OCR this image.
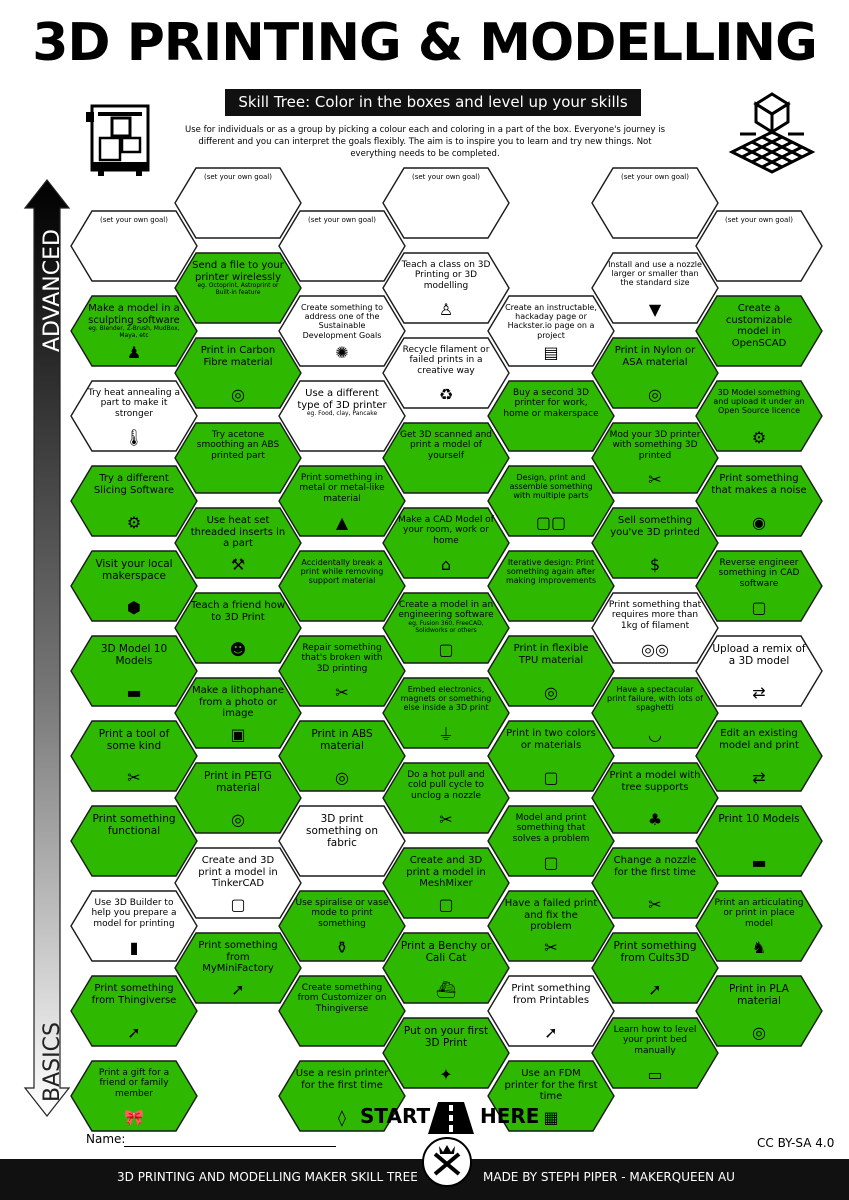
3D PRINTING & MODELLING
Skill Tree: Color in the boxes and level up your skills
Use for individuals or as a group by picking a colour each and coloring in a part of the box. Everyone's journey is different and you can interpret the goals flexibly. The aim is to inspire you to learn and try new things. Not everything needs to be completed.
ADVANCED
BASICS
(set your own goal)
Make a model in a sculpting software
eg. Blender, Z-Brush, MudBox, Maya, etc
♟
Try heat annealing a part to make it stronger
🌡
Try a different Slicing Software
⚙
Visit your local makerspace
⬢
3D Model 10 Models
▬
Print a tool of some kind
✂
Print something functional
Use 3D Builder to help you prepare a model for printing
▮
Print something from Thingiverse
➚
Print a gift for a friend or family member
🎀
(set your own goal)
Send a file to your printer wirelessly
eg. Octoprint, Astroprint or Built-in feature
Print in Carbon Fibre material
◎
Try acetone smoothing an ABS printed part
Use heat set threaded inserts in a part
⚒
Teach a friend how to 3D Print
☻
Make a lithophane from a photo or image
▣
Print in PETG material
◎
Create and 3D print a model in TinkerCAD
▢
Print something from MyMiniFactory
➚
(set your own goal)
Create something to address one of the Sustainable Development Goals
✺
Use a different type of 3D printer
eg. Food, clay, Pancake
Print something in metal or metal-like material
▲
Accidentally break a print while removing support material
Repair something that's broken with 3D printing
✂
Print in ABS material
◎
3D print something on fabric
Use spiralise or vase mode to print something
⚱
Create something from Customizer on Thingiverse
Use a resin printer for the first time
◊
(set your own goal)
Teach a class on 3D Printing or 3D modelling
♙
Recycle filament or failed prints in a creative way
♻
Get 3D scanned and print a model of yourself
Make a CAD Model of your room, work or home
⌂
Create a model in an engineering software
eg. Fusion 360, FreeCAD, Solidworks or others
▢
Embed electronics, magnets or something else inside a 3D print
⏚
Do a hot pull and cold pull cycle to unclog a nozzle
✂
Create and 3D print a model in MeshMixer
▢
Print a Benchy or Cali Cat
⛴
Put on your first 3D Print
✦
Create an instructable, hackaday page or Hackster.io page on a project
▤
Buy a second 3D printer for work, home or makerspace
Design, print and assemble something with multiple parts
▢▢
Iterative design: Print something again after making improvements
Print in flexible TPU material
◎
Print in two colors or materials
▢
Model and print something that solves a problem
▢
Have a failed print and fix the problem
✂
Print something from Printables
➚
Use an FDM printer for the first time
▦
(set your own goal)
Install and use a nozzle larger or smaller than the standard size
▼
Print in Nylon or ASA material
◎
Mod your 3D printer with something 3D printed
✂
Sell something you've 3D printed
$
Print something that requires more than 1kg of filament
◎◎
Have a spectacular print failure, with lots of spaghetti
◡
Print a model with tree supports
♣
Change a nozzle for the first time
✂
Print something from Cults3D
➚
Learn how to level your print bed manually
▭
(set your own goal)
Create a customizable model in OpenSCAD
3D Model something and upload it under an Open Source licence
⚙
Print something that makes a noise
◉
Reverse engineer something in CAD software
▢
Upload a remix of a 3D model
⇄
Edit an existing model and print
⇄
Print 10 Models
▬
Print an articulating or print in place model
♞
Print in PLA material
◎
START HERE
Name:	CC BY-SA 4.0
3D PRINTING AND MODELLING MAKER SKILL TREE	MADE BY STEPH PIPER - MAKERQUEEN AU
